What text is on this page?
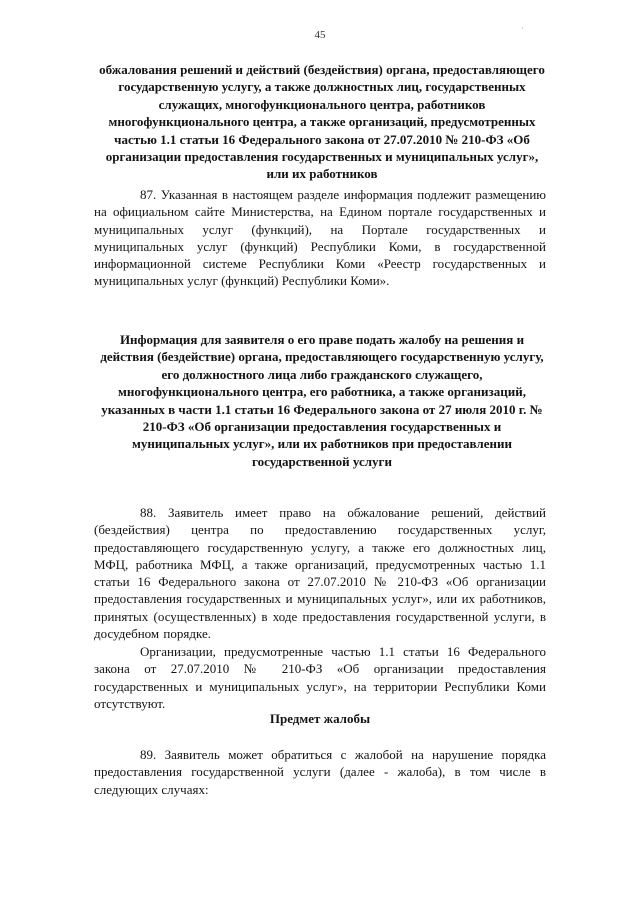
45

обжалования решений и действий (бездействия) органа, предоставляющего государственную услугу, а также должностных лиц, государственных служащих, многофункционального центра, работников многофункционального центра, а также организаций, предусмотренных частью 1.1 статьи 16 Федерального закона от 27.07.2010 № 210-ФЗ «Об организации предоставления государственных и муниципальных услуг», или их работников

87. Указанная в настоящем разделе информация подлежит размещению на официальном сайте Министерства, на Едином портале государственных и муниципальных услуг (функций), на Портале государственных и муниципальных услуг (функций) Республики Коми, в государственной информационной системе Республики Коми «Реестр государственных и муниципальных услуг (функций) Республики Коми».

Информация для заявителя о его праве подать жалобу на решения и действия (бездействие) органа, предоставляющего государственную услугу, его должностного лица либо гражданского служащего, многофункционального центра, его работника, а также организаций, указанных в части 1.1 статьи 16 Федерального закона от 27 июля 2010 г. № 210-ФЗ «Об организации предоставления государственных и муниципальных услуг», или их работников при предоставлении государственной услуги

88. Заявитель имеет право на обжалование решений, действий (бездействия) центра по предоставлению государственных услуг, предоставляющего государственную услугу, а также его должностных лиц, МФЦ, работника МФЦ, а также организаций, предусмотренных частью 1.1 статьи 16 Федерального закона от 27.07.2010 № 210-ФЗ «Об организации предоставления государственных и муниципальных услуг», или их работников, принятых (осуществленных) в ходе предоставления государственной услуги, в досудебном порядке.

Организации, предусмотренные частью 1.1 статьи 16 Федерального закона от 27.07.2010 № 210-ФЗ «Об организации предоставления государственных и муниципальных услуг», на территории Республики Коми отсутствуют.

Предмет жалобы

89. Заявитель может обратиться с жалобой на нарушение порядка предоставления государственной услуги (далее - жалоба), в том числе в следующих случаях:

·
